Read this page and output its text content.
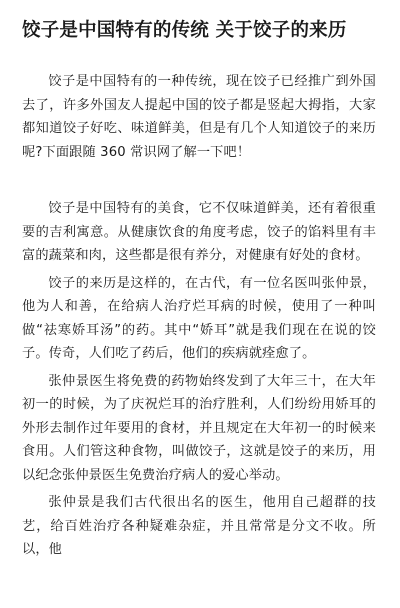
饺子是中国特有的传统 关于饺子的来历

饺子是中国特有的一种传统，现在饺子已经推广到外国去了，许多外国友人提起中国的饺子都是竖起大拇指，大家都知道饺子好吃、味道鲜美，但是有几个人知道饺子的来历呢?下面跟随 360 常识网了解一下吧！

饺子是中国特有的美食，它不仅味道鲜美，还有着很重要的吉利寓意。从健康饮食的角度考虑，饺子的馅料里有丰富的蔬菜和肉，这些都是很有养分，对健康有好处的食材。

饺子的来历是这样的，在古代，有一位名医叫张仲景，他为人和善，在给病人治疗烂耳病的时候，使用了一种叫做“祛寒娇耳汤”的药。其中“娇耳”就是我们现在在说的饺子。传奇，人们吃了药后，他们的疾病就痊愈了。

张仲景医生将免费的药物始终发到了大年三十，在大年初一的时候，为了庆祝烂耳的治疗胜利，人们纷纷用娇耳的外形去制作过年要用的食材，并且规定在大年初一的时候来食用。人们管这种食物，叫做饺子，这就是饺子的来历，用以纪念张仲景医生免费治疗病人的爱心举动。

张仲景是我们古代很出名的医生，他用自己超群的技艺，给百姓治疗各种疑难杂症，并且常常是分文不收。所以，他
